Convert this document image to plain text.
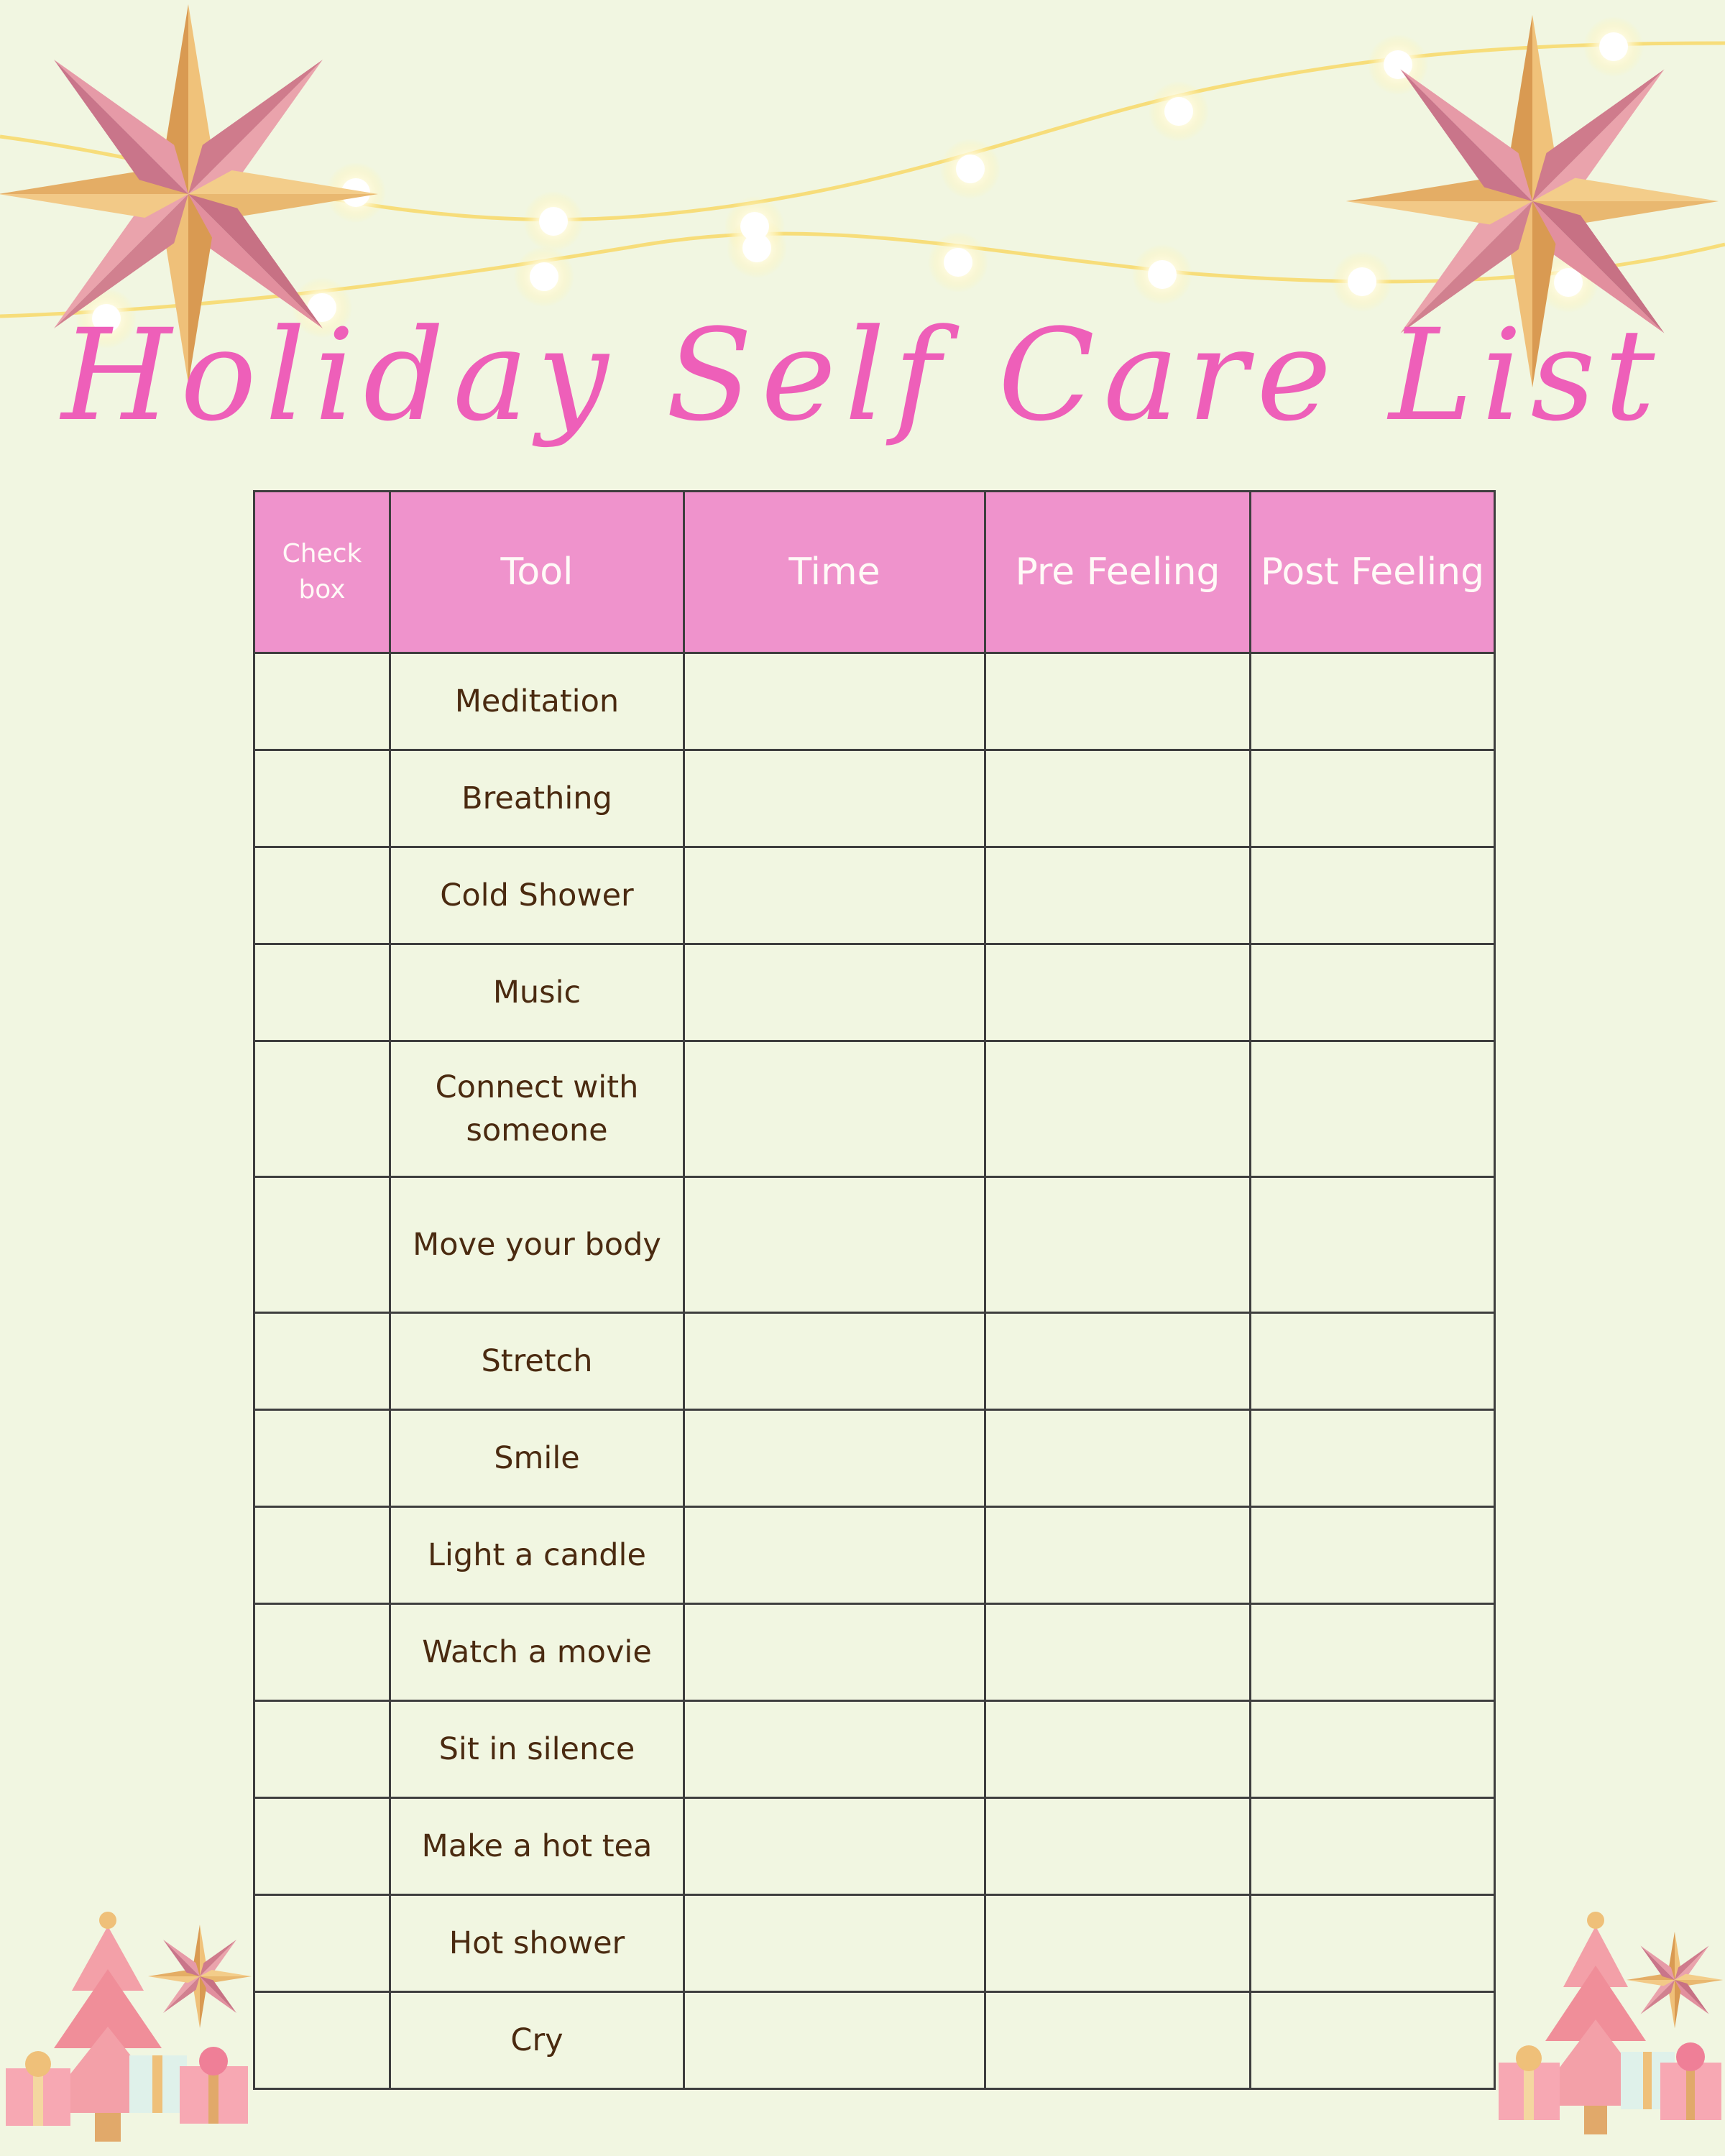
Holiday Self Care List
Check box	Tool	Time	Pre Feeling	Post Feeling
	Meditation			
	Breathing			
	Cold Shower			
	Music			
	Connect with someone			
	Move your body			
	Stretch			
	Smile			
	Light a candle			
	Watch a movie			
	Sit in silence			
	Make a hot tea			
	Hot shower			
	Cry			
